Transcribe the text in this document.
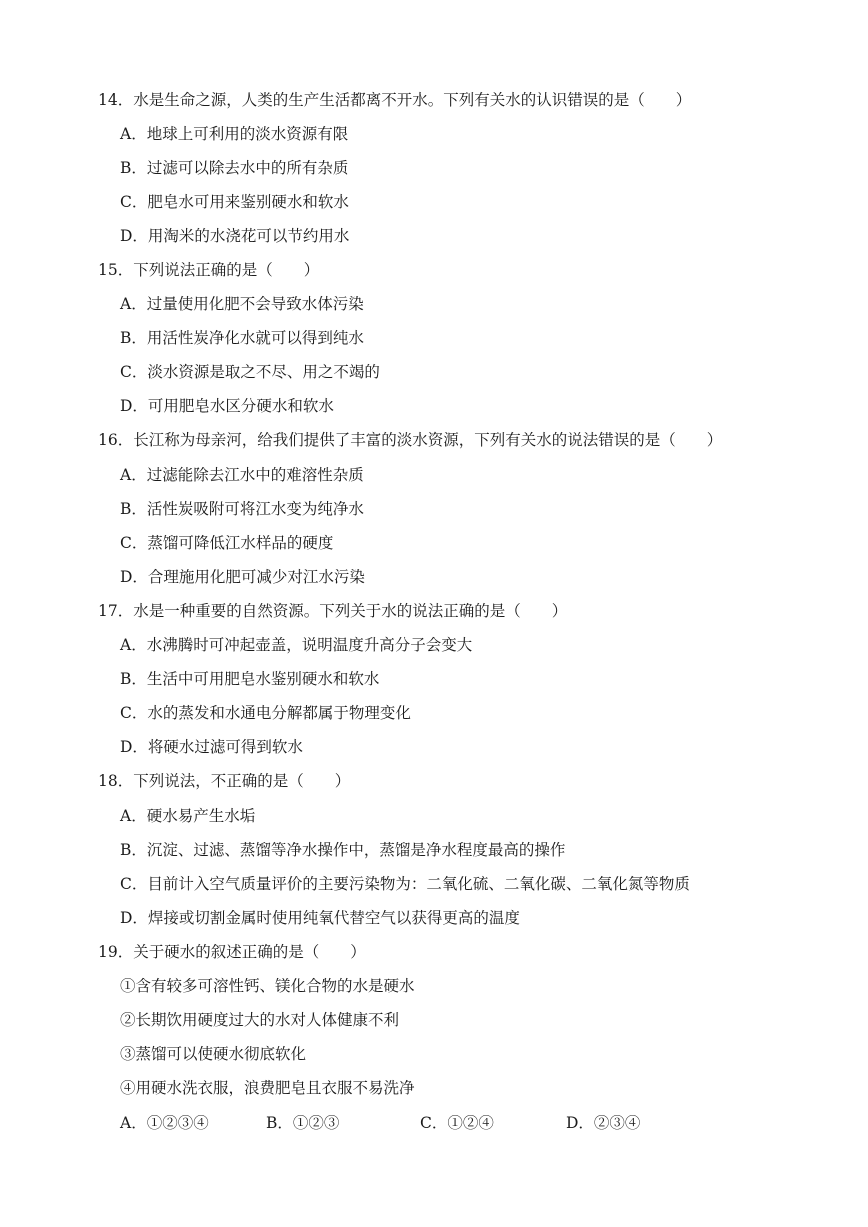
14．水是生命之源，人类的生产生活都离不开水。下列有关水的认识错误的是（　　）
A．地球上可利用的淡水资源有限
B．过滤可以除去水中的所有杂质
C．肥皂水可用来鉴别硬水和软水
D．用淘米的水浇花可以节约用水
15．下列说法正确的是（　　）
A．过量使用化肥不会导致水体污染
B．用活性炭净化水就可以得到纯水
C．淡水资源是取之不尽、用之不竭的
D．可用肥皂水区分硬水和软水
16．长江称为母亲河，给我们提供了丰富的淡水资源，下列有关水的说法错误的是（　　）
A．过滤能除去江水中的难溶性杂质
B．活性炭吸附可将江水变为纯净水
C．蒸馏可降低江水样品的硬度
D．合理施用化肥可减少对江水污染
17．水是一种重要的自然资源。下列关于水的说法正确的是（　　）
A．水沸腾时可冲起壶盖，说明温度升高分子会变大
B．生活中可用肥皂水鉴别硬水和软水
C．水的蒸发和水通电分解都属于物理变化
D．将硬水过滤可得到软水
18．下列说法，不正确的是（　　）
A．硬水易产生水垢
B．沉淀、过滤、蒸馏等净水操作中，蒸馏是净水程度最高的操作
C．目前计入空气质量评价的主要污染物为：二氧化硫、二氧化碳、二氧化氮等物质
D．焊接或切割金属时使用纯氧代替空气以获得更高的温度
19．关于硬水的叙述正确的是（　　）
①含有较多可溶性钙、镁化合物的水是硬水
②长期饮用硬度过大的水对人体健康不利
③蒸馏可以使硬水彻底软化
④用硬水洗衣服，浪费肥皂且衣服不易洗净
A．①②③④	B．①②③	C．①②④	D．②③④
